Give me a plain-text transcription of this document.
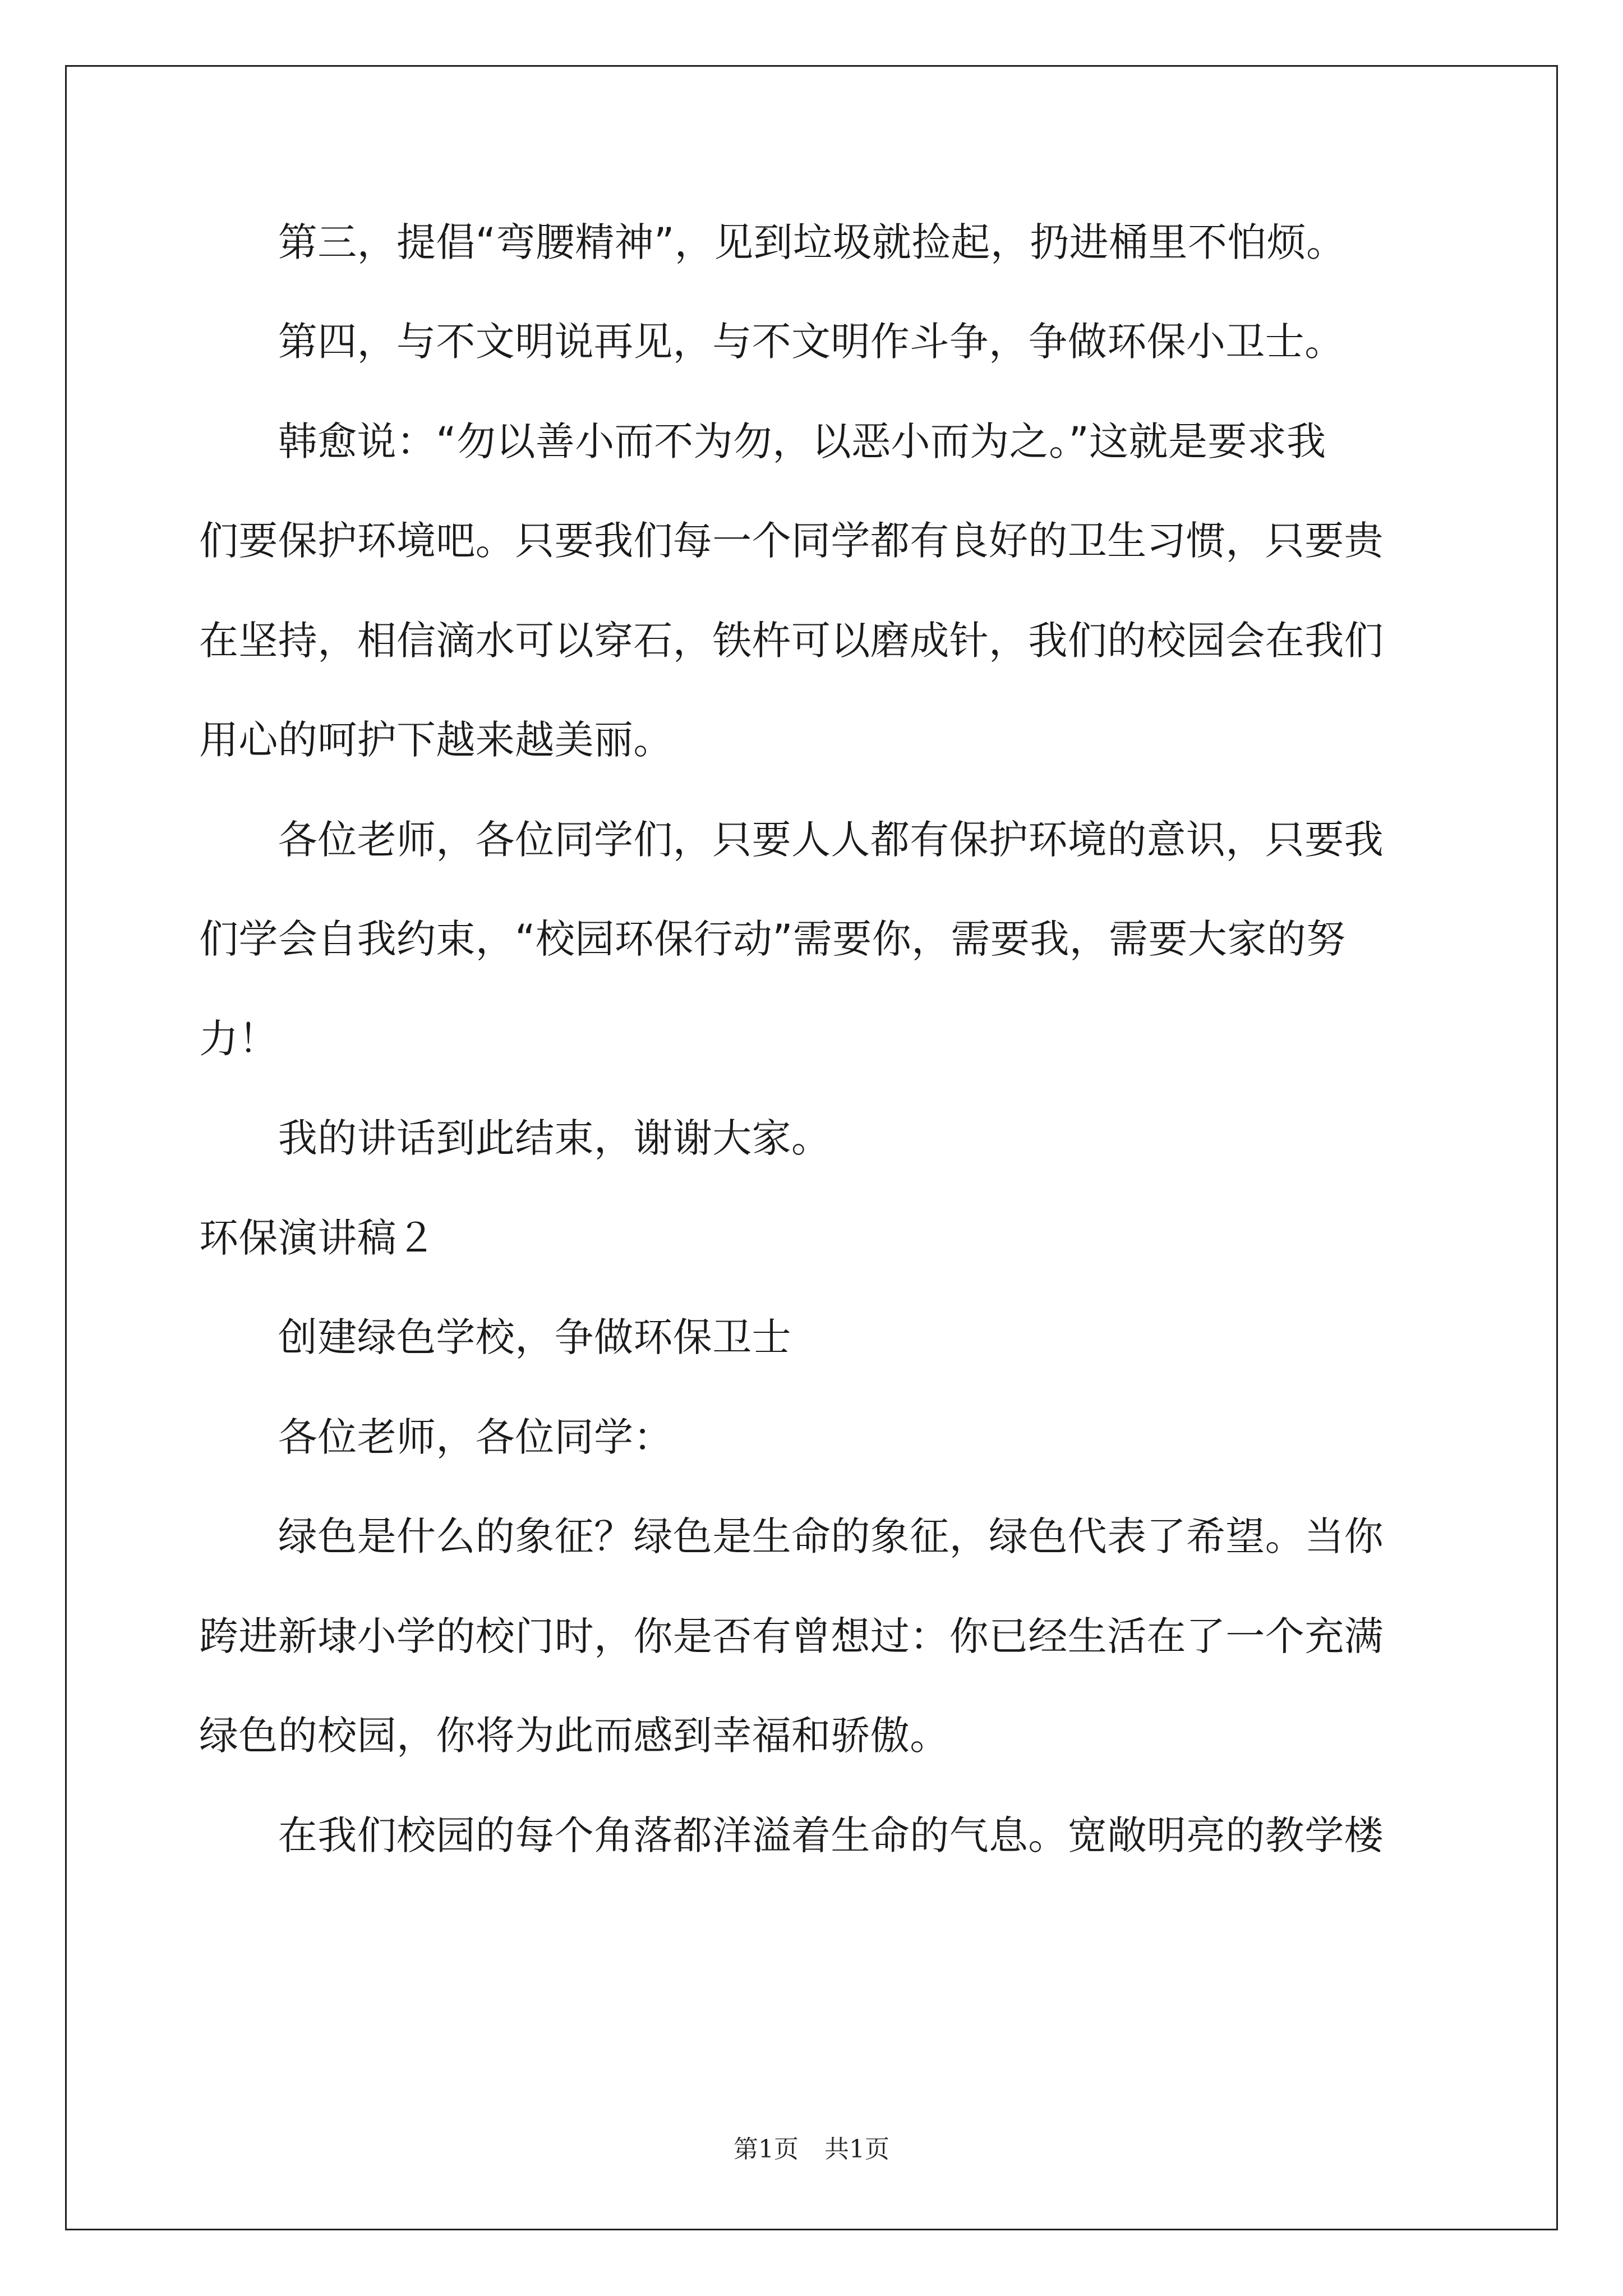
　　第三，提倡“弯腰精神”，见到垃圾就捡起，扔进桶里不怕烦。

　　第四，与不文明说再见，与不文明作斗争，争做环保小卫士。

　　韩愈说：“勿以善小而不为勿，以恶小而为之。”这就是要求我

们要保护环境吧。只要我们每一个同学都有良好的卫生习惯，只要贵

在坚持，相信滴水可以穿石，铁杵可以磨成针，我们的校园会在我们

用心的呵护下越来越美丽。

　　各位老师，各位同学们，只要人人都有保护环境的意识，只要我

们学会自我约束，“校园环保行动”需要你，需要我，需要大家的努

力！

　　我的讲话到此结束，谢谢大家。

环保演讲稿２

　　创建绿色学校，争做环保卫士

　　各位老师，各位同学：

　　绿色是什么的象征？绿色是生命的象征，绿色代表了希望。当你

跨进新埭小学的校门时，你是否有曾想过：你已经生活在了一个充满

绿色的校园，你将为此而感到幸福和骄傲。

　　在我们校园的每个角落都洋溢着生命的气息。宽敞明亮的教学楼

第1页 共1页
